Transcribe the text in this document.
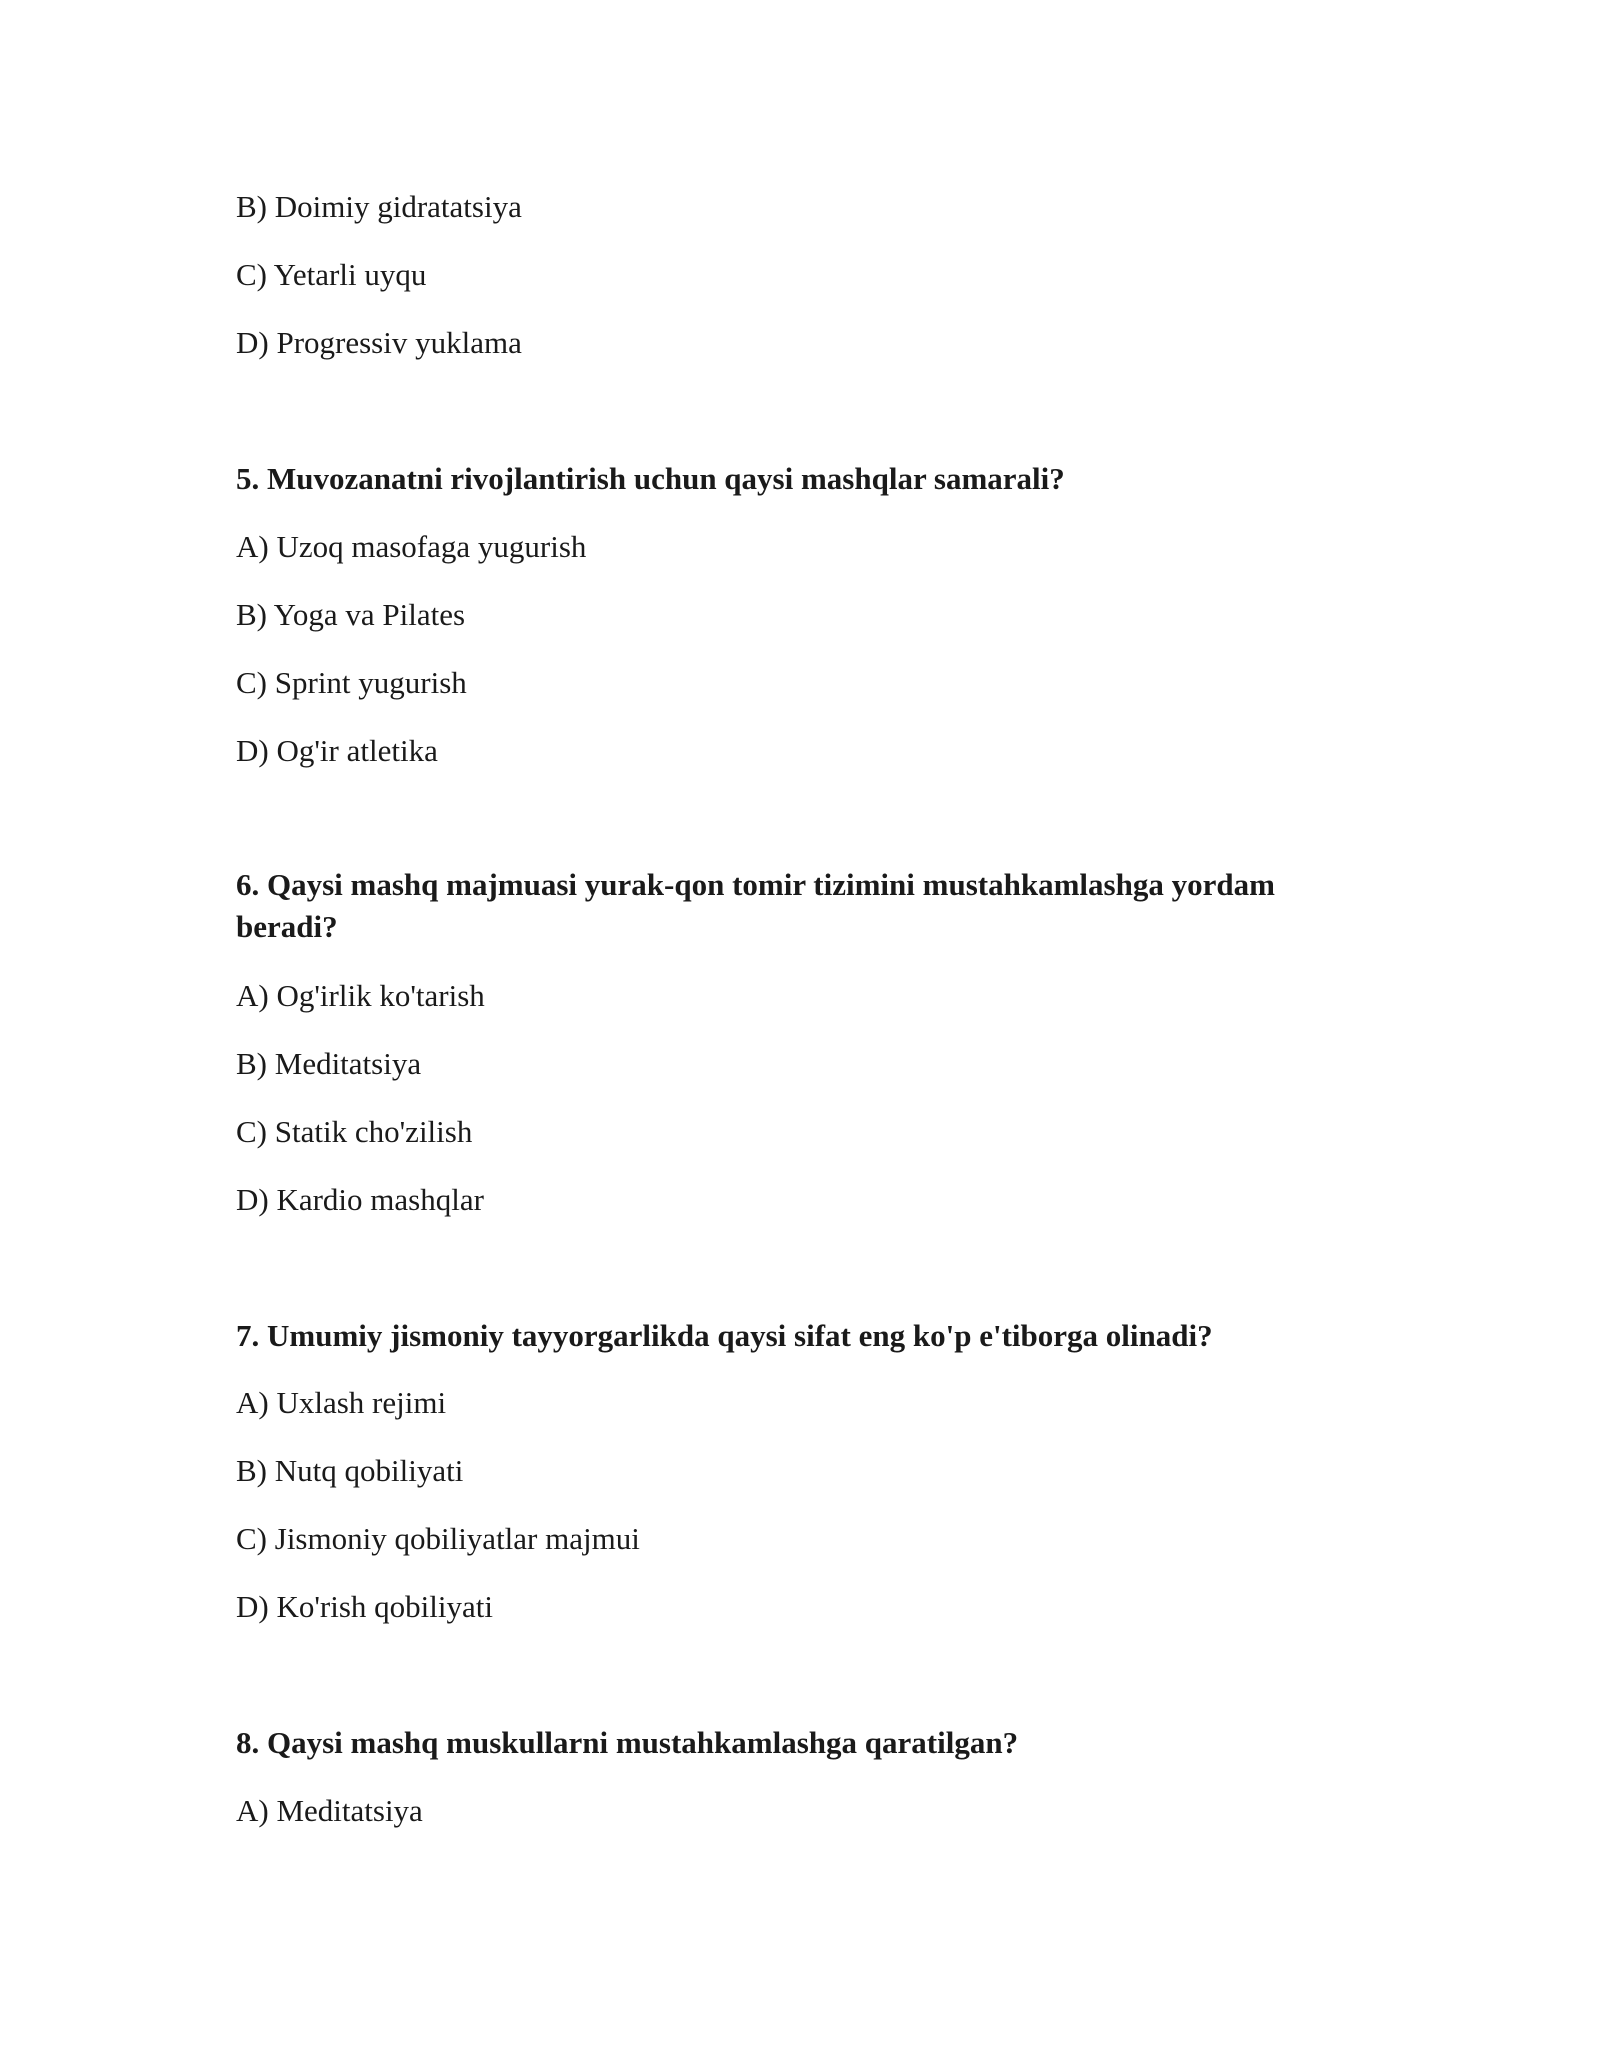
B) Doimiy gidratatsiya
C) Yetarli uyqu
D) Progressiv yuklama
5. Muvozanatni rivojlantirish uchun qaysi mashqlar samarali?
A) Uzoq masofaga yugurish
B) Yoga va Pilates
C) Sprint yugurish
D) Og'ir atletika
6. Qaysi mashq majmuasi yurak-qon tomir tizimini mustahkamlashga yordam beradi?
A) Og'irlik ko'tarish
B) Meditatsiya
C) Statik cho'zilish
D) Kardio mashqlar
7. Umumiy jismoniy tayyorgarlikda qaysi sifat eng ko'p e'tiborga olinadi?
A) Uxlash rejimi
B) Nutq qobiliyati
C) Jismoniy qobiliyatlar majmui
D) Ko'rish qobiliyati
8. Qaysi mashq muskullarni mustahkamlashga qaratilgan?
A) Meditatsiya
